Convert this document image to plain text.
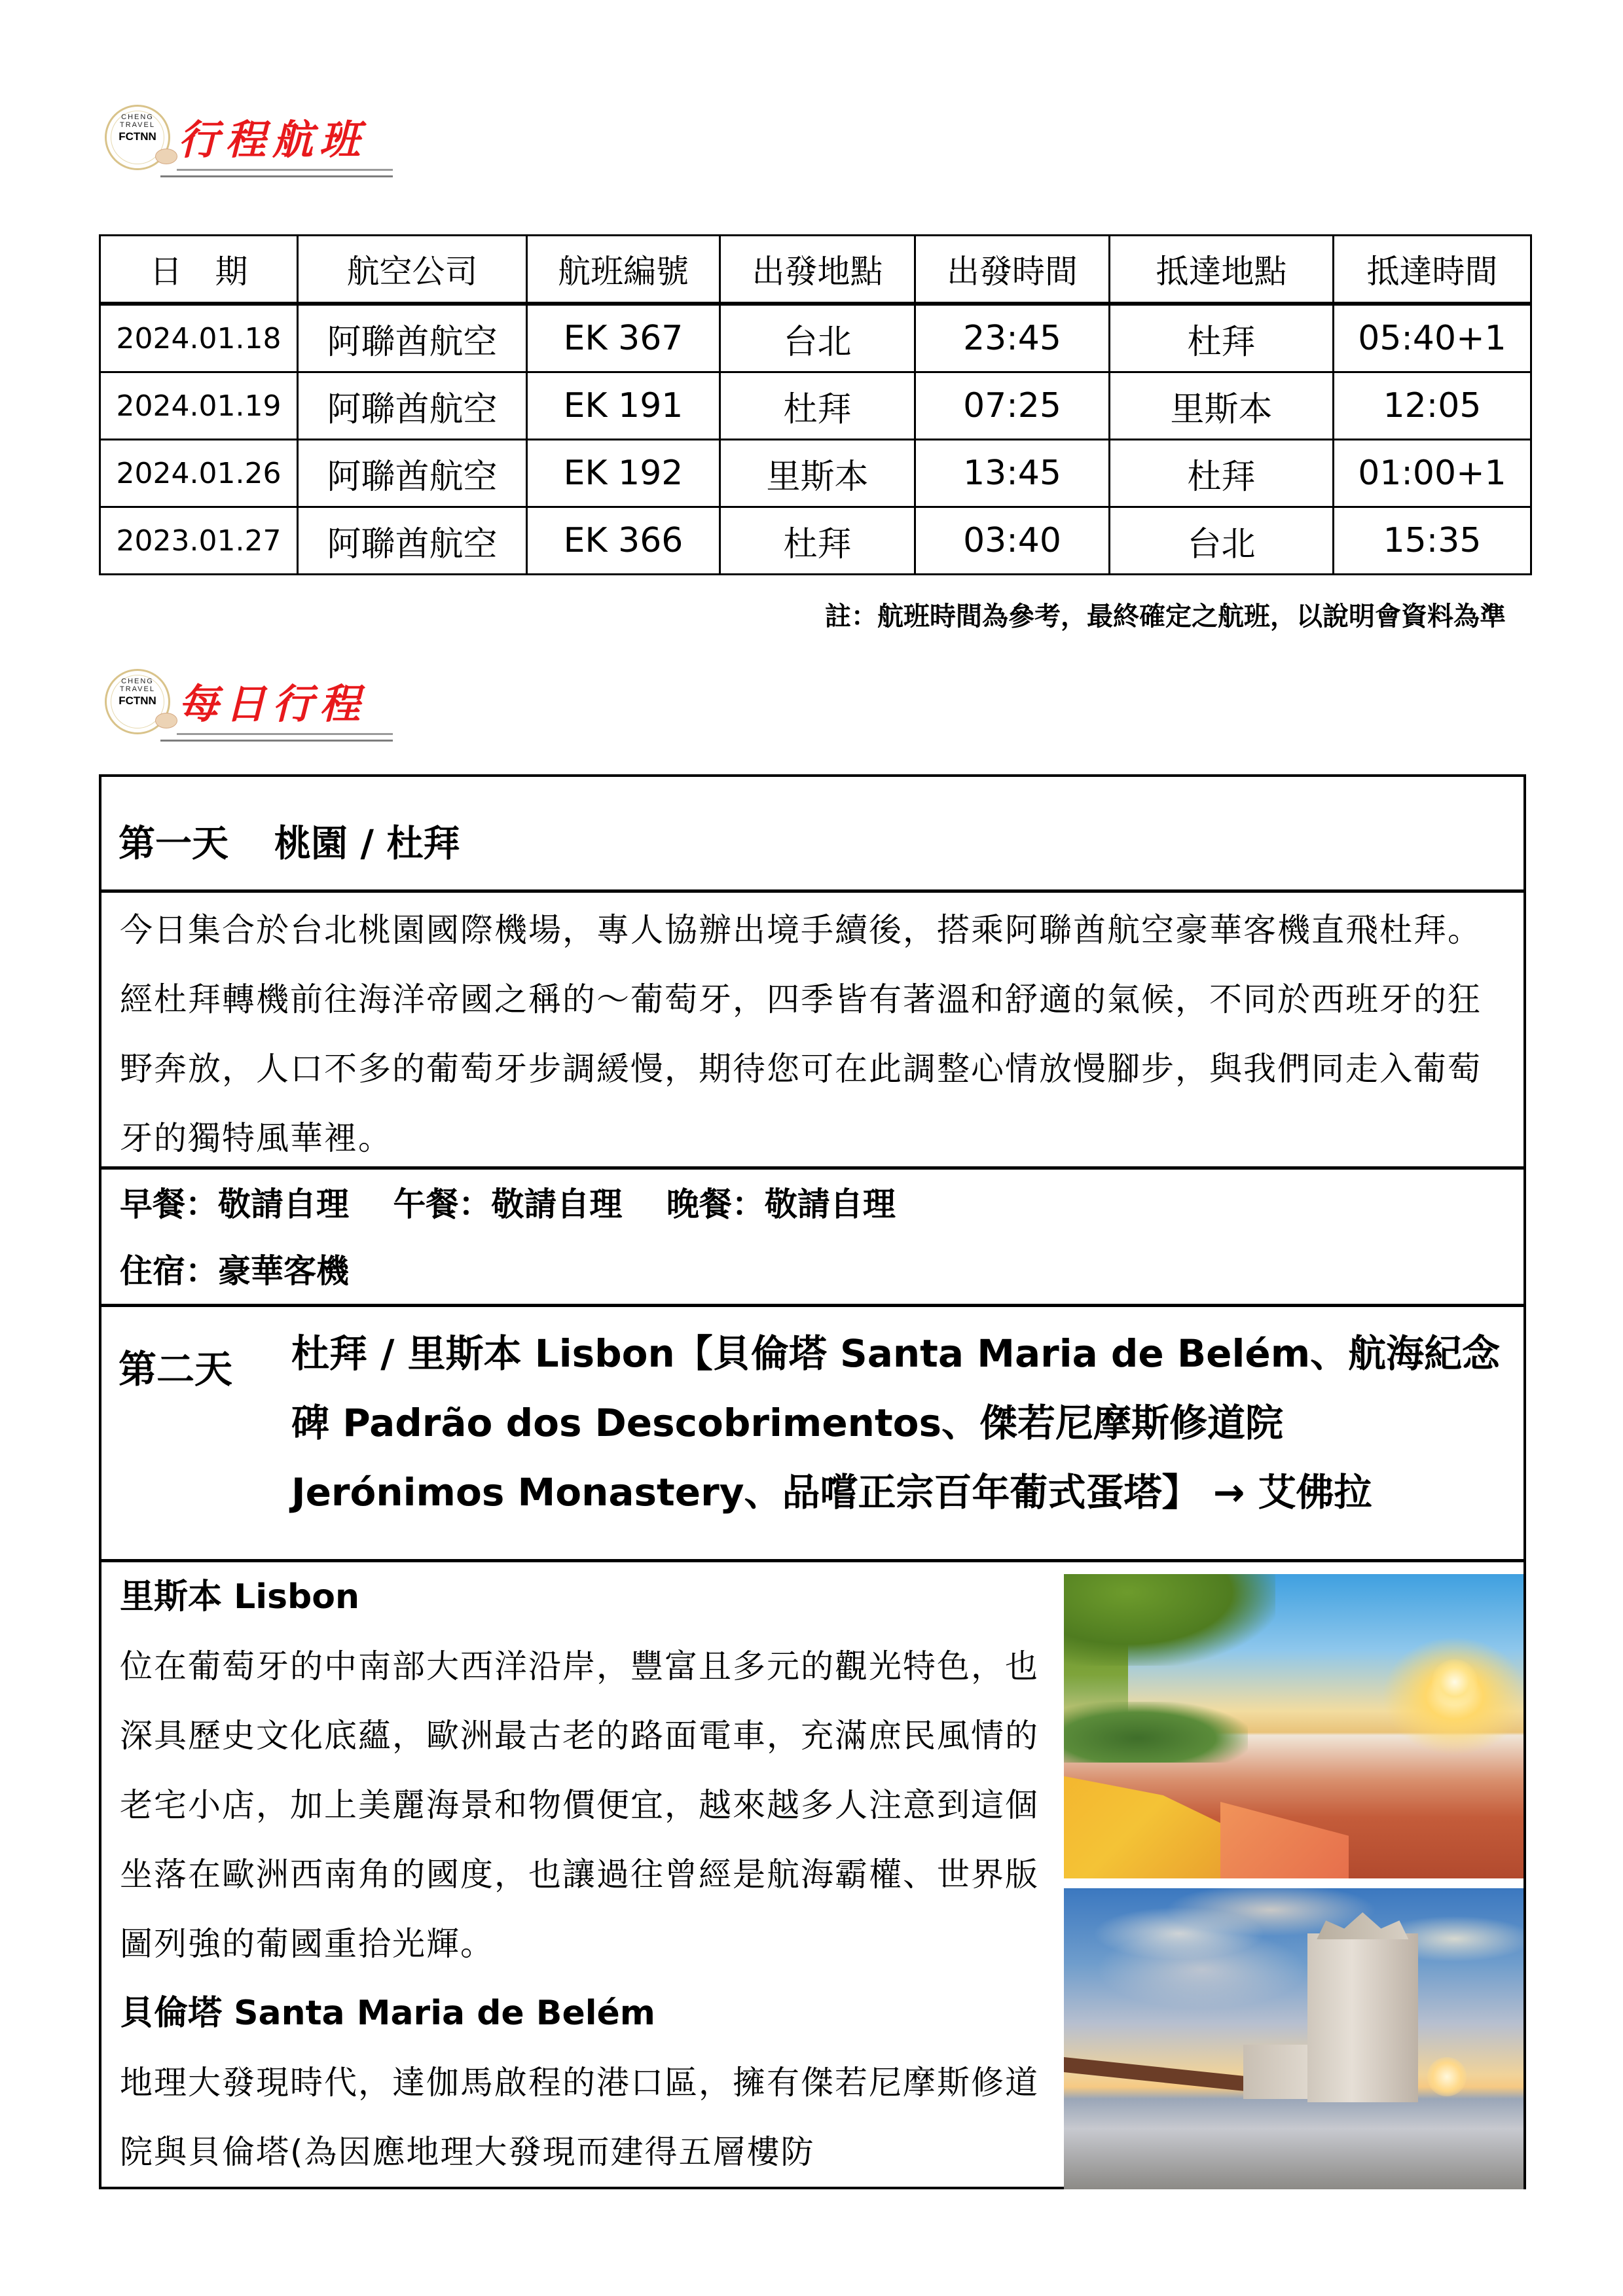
CHENG TRAVEL
FCTNN 行程航班
日　期	航空公司	航班編號	出發地點	出發時間	抵達地點	抵達時間
2024.01.18	阿聯酋航空	EK 367	台北	23:45	杜拜	05:40+1
2024.01.19	阿聯酋航空	EK 191	杜拜	07:25	里斯本	12:05
2024.01.26	阿聯酋航空	EK 192	里斯本	13:45	杜拜	01:00+1
2023.01.27	阿聯酋航空	EK 366	杜拜	03:40	台北	15:35
註：航班時間為參考，最終確定之航班，以說明會資料為準
CHENG TRAVEL
FCTNN 每日行程
第一天 桃園 / 杜拜
今日集合於台北桃園國際機場，專人協辦出境手續後，搭乘阿聯酋航空豪華客機直飛杜拜。經杜拜轉機前往海洋帝國之稱的～葡萄牙，四季皆有著溫和舒適的氣候，不同於西班牙的狂野奔放，人口不多的葡萄牙步調緩慢，期待您可在此調整心情放慢腳步，與我們同走入葡萄牙的獨特風華裡。
早餐：敬請自理　 午餐：敬請自理　 晚餐：敬請自理
住宿：豪華客機
第二天 杜拜 / 里斯本 Lisbon【貝倫塔 Santa Maria de Belém、航海紀念碑 Padrão dos Descobrimentos、傑若尼摩斯修道院 Jerónimos Monastery、品嚐正宗百年葡式蛋塔】 → 艾佛拉
里斯本 Lisbon
位在葡萄牙的中南部大西洋沿岸，豐富且多元的觀光特色，也深具歷史文化底蘊，歐洲最古老的路面電車，充滿庶民風情的老宅小店，加上美麗海景和物價便宜，越來越多人注意到這個坐落在歐洲西南角的國度，也讓過往曾經是航海霸權、世界版圖列強的葡國重拾光輝。
貝倫塔 Santa Maria de Belém
地理大發現時代，達伽馬啟程的港口區，擁有傑若尼摩斯修道院與貝倫塔(為因應地理大發現而建得五層樓防
